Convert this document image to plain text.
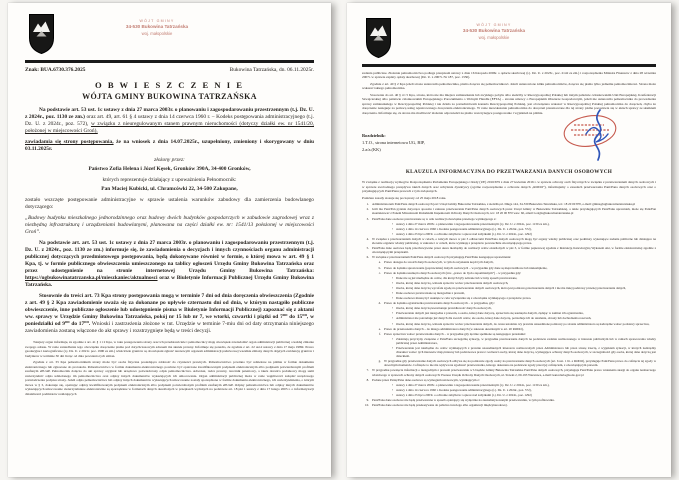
WÓJT GMINY
34-530 Bukowina Tatrzańska
woj. małopolskie
Znak: BUA.6730.376.2025	Bukowina Tatrzańska, dn. 06.11.2025r.
O B W I E S Z C Z E N I E
WÓJTA GMINY BUKOWINA TATRZAŃSKA

Na podstawie art. 53 ust. 1c ustawy z dnia 27 marca 2003r. o planowaniu i zagospodarowaniu przestrzennym (t.j. Dz. U. z 2024r., poz. 1130 ze zm.) oraz art. 49, art. 61 § 4 ustawy z dnia 14 czerwca 1960 r. – Kodeks postępowania administracyjnego (t.j. Dz. U. z 2024r., poz. 572), w związku z nieuregulowanym stanem prawnym nieruchomości (dotyczy działki ew. nr 1541/20, położonej w miejscowości Groń),

zawiadamia się strony postępowania, że na wniosek z dnia 14.07.2025r., uzupełniony, zmieniony i skorygowany w dniu 03.11.2025r.

złożony przez:

Państwo Zofia Helena i Józef Kęsek, Gronków 390A, 34-400 Gronków,

których reprezentuje działający z upoważnienia Pełnomocnik:

Pan Maciej Kubicki, ul. Chramcówki 22, 34-500 Zakopane,

zostało wszczęte postępowanie administracyjne w sprawie ustalenia warunków zabudowy dla zamierzenia budowlanego dotyczącego:

„Budowy budynku mieszkalnego jednorodzinnego oraz budowy dwóch budynków gospodarczych w zabudowie zagrodowej wraz z niezbędną infrastrukturą i urządzeniami budowlanymi, planowana na części działki ew. nr: 1541/13 położonej w miejscowości Groń”.

Na podstawie art. art. 53 ust. 1c ustawy z dnia 27 marca 2003r. o planowaniu i zagospodarowaniu przestrzennym (t.j. Dz. U. z 2024r., poz. 1130 ze zm.) informuje się, że zawiadomienia o decyzjach i innych czynnościach organu administracji publicznej dotyczących przedmiotowego postępowania, będą dokonywane również w formie, o której mowa w art. 49 § 1 Kpa, tj. w formie publicznego obwieszczenia umieszczonego na tablicy ogłoszeń Urzędu Gminy Bukowina Tatrzańska oraz przez udostępnienie na stronie internetowej Urzędu Gminy Bukowina Tatrzańska: https://ugbukowinatatrzanska.pl/mieszkaniec/aktualnosci oraz w Biuletynie Informacji Publicznej Urzędu Gminy Bukowina Tatrzańska.

Stosownie do treści art. 73 Kpa strony postępowania mogą w terminie 7 dni od dnia doręczenia obwieszczenia (Zgodnie z art. 49 § 2 Kpa zawiadomienie uważa się za dokonane po upływie czternastu dni od dnia, w którym nastąpiło publiczne obwieszczenie, inne publiczne ogłoszenie lub udostępnienie pisma w Biuletynie Informacji Publicznej) zapoznać się z aktami ww. sprawy w Urzędzie Gminy Bukowina Tatrzańska, pokój nr 15 lub nr 7, we wtorki, czwartki i piątki od 7⁰⁰ do 15⁰⁰, w poniedziałki od 9⁰⁰ do 17⁰⁰. Wnioski i zastrzeżenia złożone w tut. Urzędzie w terminie 7-miu dni od daty otrzymania niniejszego zawiadomienia zostaną włączone do akt sprawy i rozstrzygnięte będą w treści decyzji.

Tutejszy organ informuje, że zgodnie z art. 41 § 1 i 2 Kpa, w toku postępowania strony oraz ich przedstawiciele i pełnomocnicy mają obowiązek zawiadomić organ administracji publicznej o każdej zmianie swojego adresu. W razie zaniedbania tego obowiązku doręczenie pisma pod dotychczasowym adresem ma skutek prawny. Informuje się ponadto, że zgodnie z art. 22 ust.2 ustawy z dnia 17 maja 1989r. Prawo geodezyjne i kartograficzne (t.j. Dz. U. z 2021r. poz. 1990 ze zm.) właściciele gruntów są obowiązani zgłosić terenowym organom administracji państwowej wszelkie zmiany danych objętych ewidencją gruntów i budynków w terminie 30 dni licząc od dnia powstania tych zmian.

Zgodnie z art. 33 Kpa pełnomocnikiem strony może być osoba fizyczna posiadająca zdolność do czynności prawnych. Pełnomocnictwo powinno być udzielone na piśmie w formie dokumentu elektronicznego lub zgłoszone do protokołu. Pełnomocnictwo w formie dokumentu elektronicznego powinno być opatrzone kwalifikowanym podpisem elektronicznym albo podpisem potwierdzonym profilem zaufanym ePUAP. Pełnomocnik dołącza do akt sprawy oryginał lub urzędowo poświadczony odpis pełnomocnictwa. Adwokat, radca prawny, rzecznik patentowy, a także doradca podatkowy mogą sami uwierzytelnić odpis udzielonego im pełnomocnictwa oraz odpisy innych dokumentów wykazujących ich umocowanie. Organ administracji publicznej może w razie wątpliwości zażądać urzędowego poświadczenia podpisu strony. Jeżeli odpis pełnomocnictwa lub odpisy innych dokumentów wykazujących umocowanie zostały sporządzone w formie dokumentu elektronicznego, ich uwierzytelnienia, o którym mowa w § 3, dokonuje się, opatrując odpisy kwalifikowanym podpisem elektronicznym albo podpisem potwierdzonym profilem zaufanym ePUAP. Odpisy pełnomocnictwa lub odpisy innych dokumentów wykazujących umocowanie uwierzytelniane elektronicznie są sporządzane w formatach danych określonych w przepisach wydanych na podstawie art. 18 pkt 1 ustawy z dnia 17 lutego 2005 r. o informatyzacji działalności podmiotów realizujących

WÓJT GMINY
34-530 Bukowina Tatrzańska
woj. małopolskie

zadania publiczne. Złożenie pełnomocnictwa podlega przepisom ustawy z dnia 16 listopada 2006r. o opłacie skarbowej (t.j. Dz. U. z 2023r., poz. 2142 ze zm.) i rozporządzenia Ministra Finansów z dnia 28 września 2007r. w sprawie zapłaty opłaty skarbowej (Dz. U. z 2007r. Nr 187, poz. 1330).

Zgodnie z art. 40 § 2 Kpa jeżeli strona ustanowiła pełnomocnika, pisma doręcza się pełnomocnikowi. Jeżeli ustanowiono kilku pełnomocników, doręcza się pisma tylko jednemu pełnomocnikowi. Strona może wskazać takiego pełnomocnika.

Stosownie do art. 40 § 4 i 5 Kpa, strona, która nie ma miejsca zamieszkania lub zwykłego pobytu albo siedziby w Rzeczypospolitej Polskiej lub innym państwie członkowskim Unii Europejskiej, Konfederacji Szwajcarskiej albo państwie członkowskim Europejskiego Porozumienia o Wolnym Handlu (EFTA) – stronie umowy o Europejskim Obszarze Gospodarczym, jeżeli nie ustanowiła pełnomocnika do prowadzenia sprawy zamieszkałego w Rzeczypospolitej Polskiej i nie działa za pośrednictwem konsula Rzeczypospolitej Polskiej, jest obowiązana wskazać w Rzeczypospolitej Polskiej pełnomocnika do doręczeń, chyba że doręczenie następuje za pomocą usług rejestrowanego doręczenia elektronicznego. W razie niewskazania pełnomocnika do doręczeń przeznaczone dla tej strony pisma pozostawia się w aktach sprawy ze skutkiem doręczenia. Informuje się, że strona ma możliwość złożenia odpowiedzi na pismo wszczynające postępowanie i wyjaśnień na piśmie.

Rozdzielnik:
1.T.O., strona internetowa UG, BIP,
2.a/a.(KK)
KLAUZULA INFORMACYJNA DO PRZETWARZANIA DANYCH OSOBOWYCH

W związku z realizacją wymogów Rozporządzenia Parlamentu Europejskiego i Rady (UE) 2016/679 z dnia 27 kwietnia 2016 r. w sprawie ochrony osób fizycznych w związku z przetwarzaniem danych osobowych i w sprawie swobodnego przepływu takich danych oraz uchylenia dyrektywy (ogólne rozporządzenie o ochronie danych „RODO”), informujemy o zasadach przetwarzania Pani/Pana danych osobowych oraz o przysługujących Pani/Panu prawach z tym związanych.

Poniższe zasady stosuje się począwszy od 25 maja 2018 roku.

1. Administratorem Pani/Pana danych osobowych jest: Urząd Gminy Bukowina Tatrzańska, z siedzibą ul. Długa 144, 34-530 Bukowina Tatrzańska, tel.: 18 20 00 870, e-mail: gmina@ugbukowinatatrzanska.pl
2. Jeśli ma Pani/Pan pytania dotyczące sposobu i zakresu przetwarzania Pani/Pana danych osobowych przez Urząd Gminy w Bukowinie Tatrzańskiej, a także przysługujących Pani/Panu uprawnień, może się Pani/Pan skontaktować z Panem Mirosławem Różańskim Inspektorem Ochrony Danych Osobowych, tel.: 18 20 00 870 wew. 60, email: iod@ugbukowinatatrzanska.pl
3. Pani/Pana dane osobowe przetwarzane są w celu realizacji obowiązku prawnego wynikającego z:
• ustawy z dnia 27 marca 2003r. o planowaniu i zagospodarowaniu przestrzennym (t.j. Dz. U. z 2024r., poz. 1130 ze zm.),
• ustawy z dnia 14 czerwca 1960 r. Kodeks postępowania administracyjnego (t.j. Dz. U. z 2024r., poz. 572),
• ustawy z dnia 23 lipca 2003r. o ochronie zabytków i opiece nad zabytkami (t.j. Dz. U. z 2024r., poz. 1292)
4. W związku z przetwarzaniem danych w celach, o których mowa w pkt 3 odbiorcami Pani/Pana danych osobowych mogą być organy władzy publicznej oraz podmioty wykonujące zadania publiczne lub działające na zlecenie organów władzy publicznej, w zakresie i w celach, które wynikają z przepisów powszechnie obowiązującego prawa.
5. Pani/Pana dane osobowe będą przechowywane przez okres niezbędny do realizacji celów określonych w pkt 3, w formie papierowej zgodnie z Instrukcją Kancelaryjną Wykazem Akt, w formie elektronicznej zgodnie z obowiązującymi przepisami.
6. W związku z przetwarzaniem Pani/Pana danych osobowych przysługują Pani/Panu następujące uprawnienia:
a. Prawo dostępu do swoich danych osobowych, w tym do uzyskania kopii tych danych,
b. Prawo do żądania sprostowania (poprawiania) danych osobowych – w przypadku gdy dane są nieprawidłowe lub niekompletne,
c. Prawo do żądania usunięcia danych osobowych (tzw. „prawo do bycia zapomnianym”) – w przypadku gdy:
• Dane nie są już niezbędne do celów, dla których były zebrane lub w inny sposób przetwarzane,
• Osoba, której dane dotyczą, wniosła sprzeciw wobec przetwarzania danych osobowych,
• Osoba, której dane dotyczą wycofała zgodę na przetwarzanie danych osobowych, która jest podstawą przetwarzania danych i nie ma innej podstawy prawnej przetwarzania danych,
• Dane osobowe przetwarzane są niezgodnie z prawem,
• Dane osobowe muszą być usunięte w celu wywiązania się z obowiązku wynikającego z przepisów prawa.
d. Prawo do żądania ograniczenia przetwarzania danych osobowych – w przypadku, gdy:
• Osoba, której dane dotyczą kwestionuje prawidłowość danych osobowych,
• Przetwarzanie danych jest niezgodne z prawem, a osoba, której dane dotyczą, sprzeciwia się usunięciu danych, żądając w zamian ich ograniczenia,
• Administrator nie potrzebuje już danych dla swoich celów, ale osoba, której dane dotyczą, potrzebuje ich do ustalenia, obrony lub dochodzenia roszczeń,
• Osoba, której dane dotyczą, wniosła sprzeciw wobec przetwarzania danych, do czasu ustalenia czy prawnie uzasadnione podstawy po stronie administratora są nadrzędne wobec podstawy sprzeciwu,
e. Prawo do przenoszenia danych – do innego administratora danych (w zakresie określonym w art. 20 RODO),
f. Prawo sprzeciwu wobec przetwarzania danych – w przypadku gdy łącznie spełnione są następujące przesłanki:
• Zaistnieją przyczyny związane z Pani/Pana szczególną sytuacją, w przypadku przetwarzania danych na podstawie zadania realizowanego w interesie publicznym lub w ramach sprawowania władzy publicznej przez Administratora,
• Przetwarzanie jest niezbędne do celów wynikających z prawnie uzasadnionych interesów realizowanych przez Administratora lub przez stronę trzecią, z wyjątkiem sytuacji, w których nadrzędny charakter wobec tych interesów mają interesy lub podstawowe prawa i wolności osoby, której dane dotyczą, wymagające ochrony danych osobowych, w szczególności gdy osoba, której dane dotyczą jest dzieckiem.
g. W przypadku gdy przetwarzanie danych osobowych odbywa się na podstawie zgody osoby na przetwarzanie danych osobowych (art. 6 ust. 1 lit. a RODO), przysługuje Pani/Panu prawo do cofnięcia tej zgody w dowolnym momencie. Cofnięcie to nie ma wpływu na zgodność przetwarzania, którego dokonano na podstawie zgody przed jej cofnięciem, z obowiązującym prawem.
7. W przypadku powzięcia informacji o niezgodnym z prawem przetwarzaniu w Urzędzie Gminy Bukowina Tatrzańska Pani/Pana danych osobowych, przysługuje Pani/Panu prawo wniesienia skargi do organu nadzorczego właściwego w sprawach ochrony danych osobowych: Prezesa Urzędu Ochrony Danych Osobowych, ul. Stawki 2, 00-193 Warszawa, e-mail: kancelaria@uodo.gov.pl
8. Podane przez Panią/Pana dane osobowe są wymogiem ustawowym, wynikającym z:
• ustawy z dnia 27 marca 2003r. o planowaniu i zagospodarowaniu przestrzennym (t.j. Dz. U. z 2024r., poz. 1130 ze zm.),
• ustawy z dnia 14 czerwca 1960 r. Kodeks postępowania administracyjnego (t.j. Dz. U. z 2024r., poz. 572),
• ustawy z dnia 23 lipca 2003r. o ochronie zabytków i opiece nad zabytkami (t.j. Dz. U. z 2024r., poz. 1292)
9. Pani/Pana dane osobowe nie będą przetwarzane w sposób opierający się wyłącznie na zautomatyzowanym przetwarzaniu, w tym profilowaniu.
10. Pani/Pana dane osobowe nie będą przekazywane do państwa trzeciego albo organizacji międzynarodowej.
